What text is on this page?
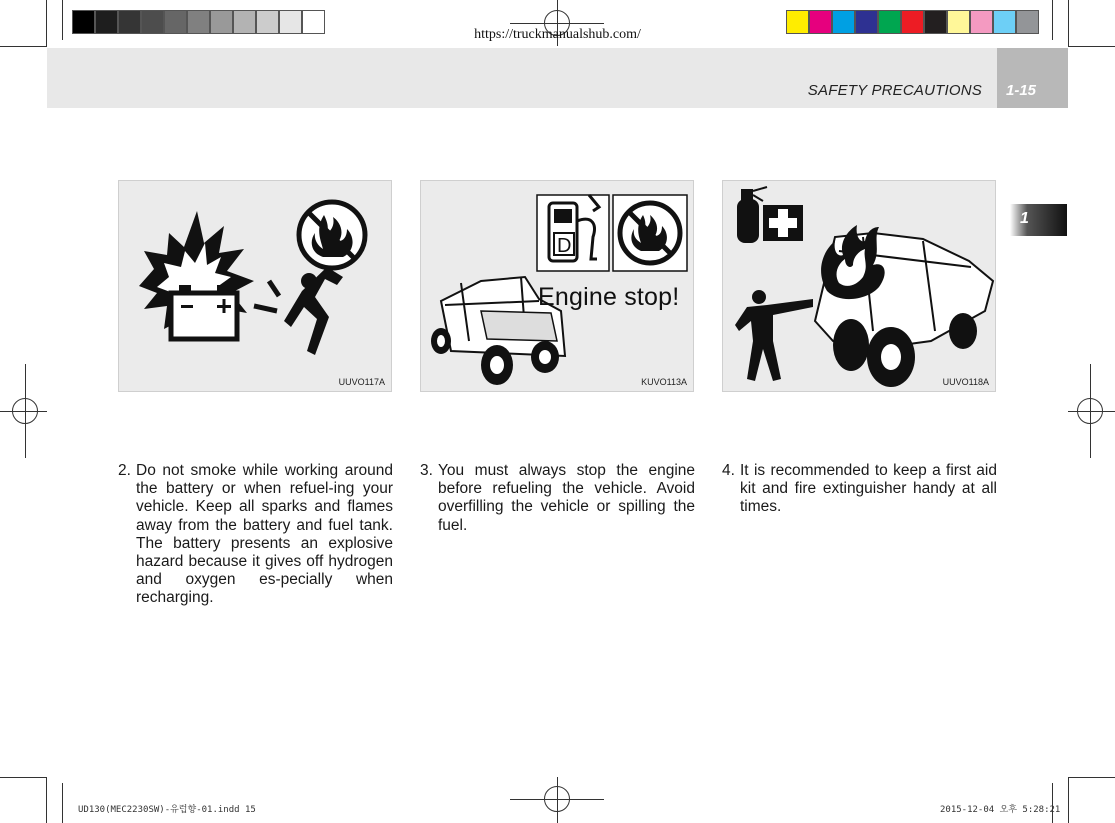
https://truckmanualshub.com/
SAFETY PRECAUTIONS 1-15
1
UUVO117A
D
Engine stop!
KUVO113A	UUVO118A
2. Do not smoke while working around the battery or when refuel-ing your vehicle. Keep all sparks and flames away from the battery and fuel tank. The battery presents an explosive hazard because it gives off hydrogen and oxygen es-pecially when recharging.
3. You must always stop the engine before refueling the vehicle. Avoid overfilling the vehicle or spilling the fuel.
4. It is recommended to keep a first aid kit and fire extinguisher handy at all times.
UD130(MEC2230SW)-유럽향-01.indd 15	2015-12-04 오후 5:28:21
